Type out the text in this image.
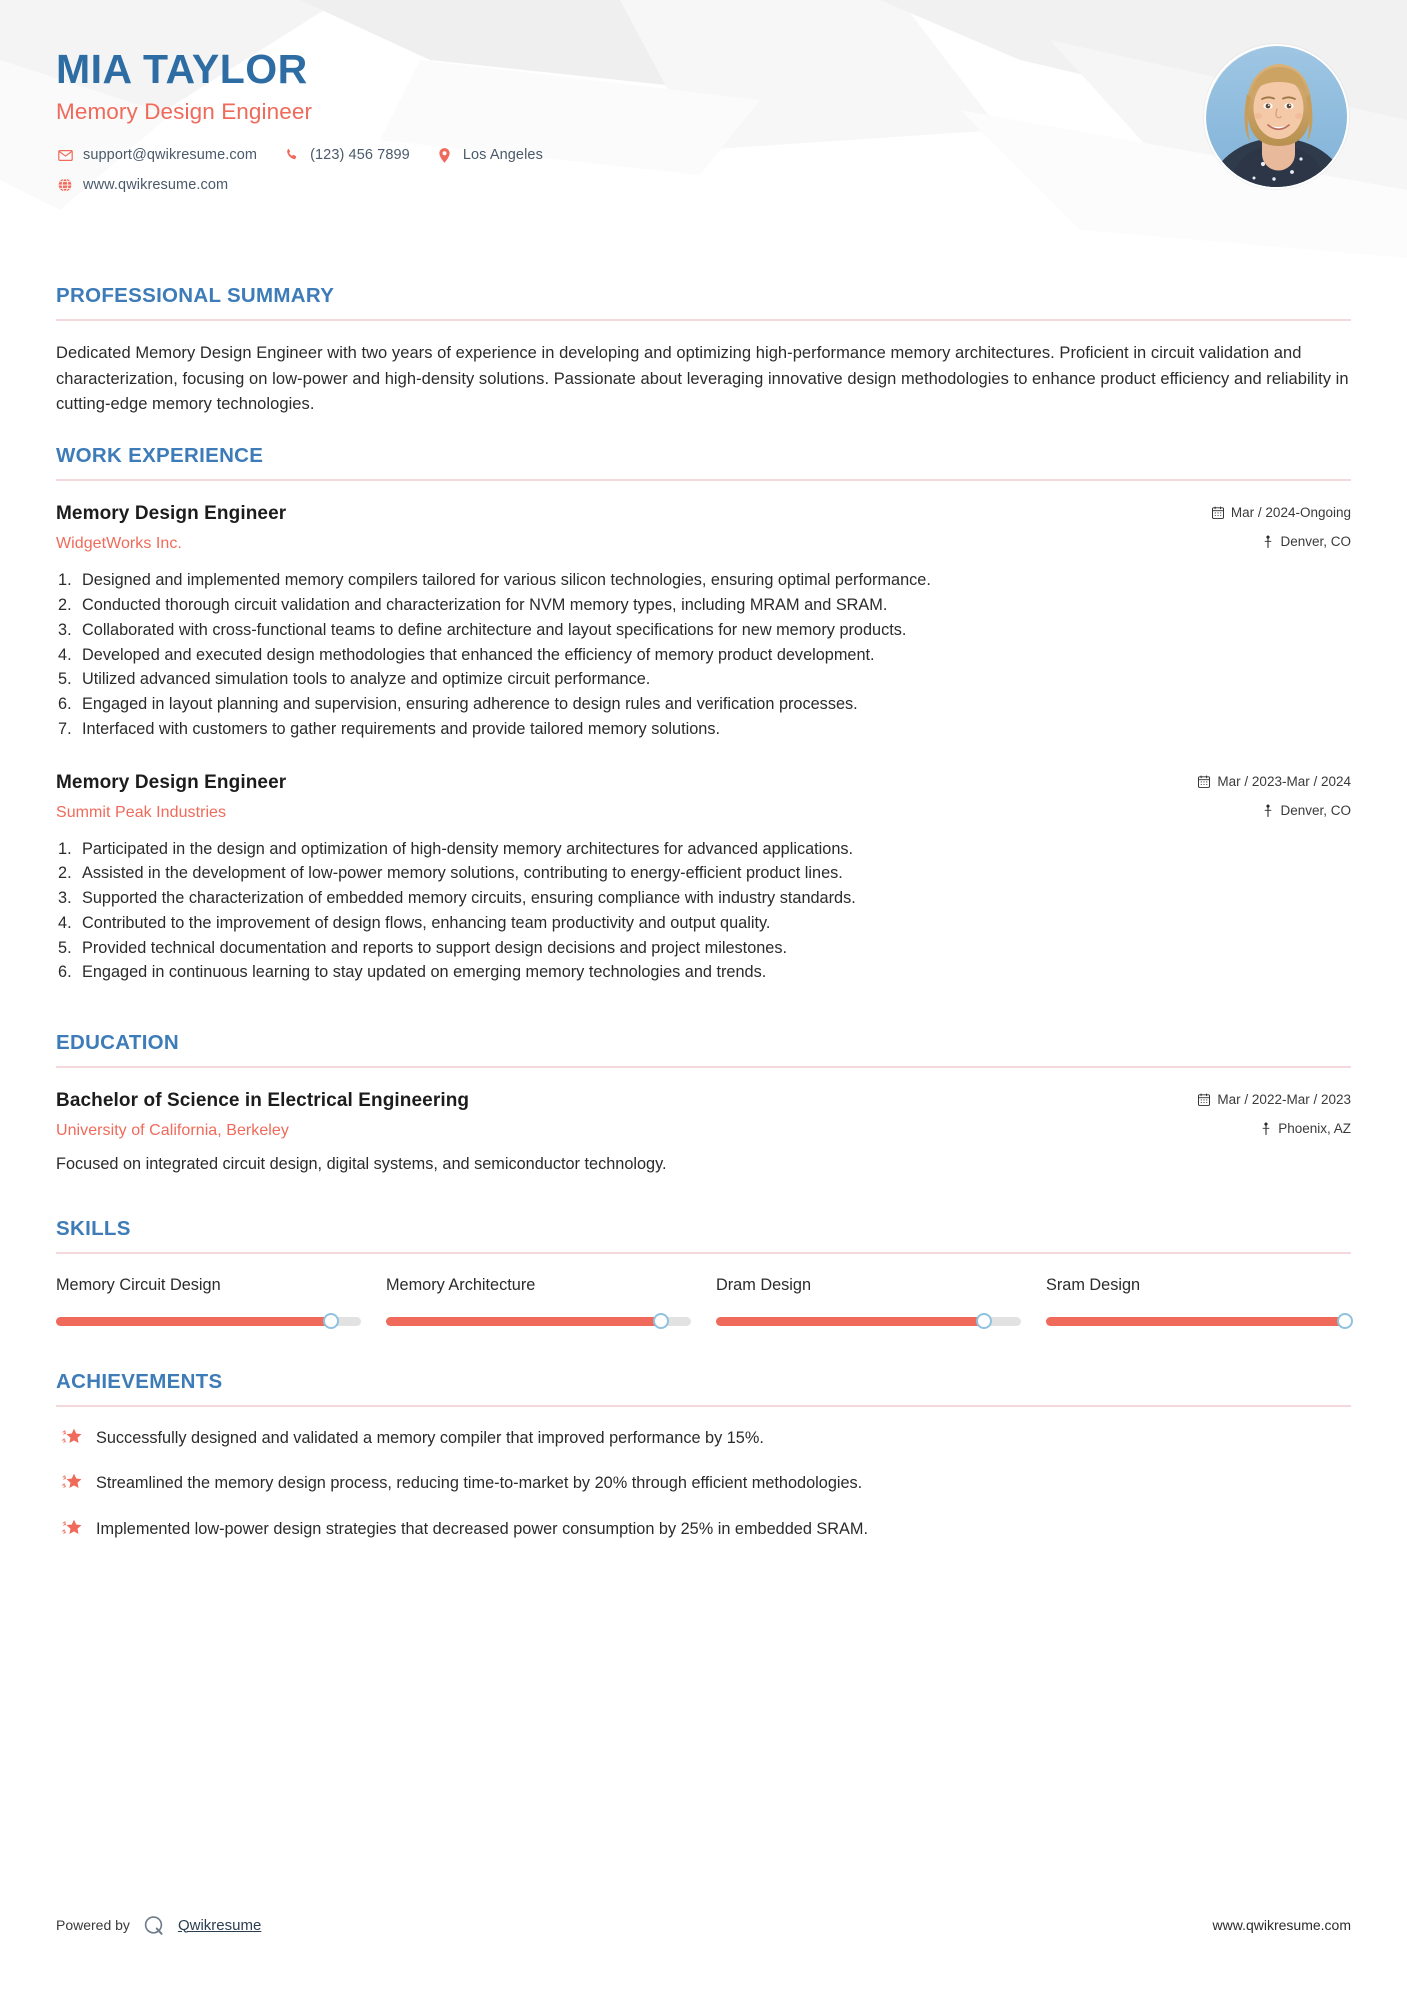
MIA TAYLOR
Memory Design Engineer
support@qwikresume.com	(123) 456 7899	Los Angeles
www.qwikresume.com
PROFESSIONAL SUMMARY

Dedicated Memory Design Engineer with two years of experience in developing and optimizing high-performance memory architectures. Proficient in circuit validation and characterization, focusing on low-power and high-density solutions. Passionate about leveraging innovative design methodologies to enhance product efficiency and reliability in cutting-edge memory technologies.

WORK EXPERIENCE
Memory Design Engineer	Mar / 2024-Ongoing
WidgetWorks Inc.	Denver, CO
Designed and implemented memory compilers tailored for various silicon technologies, ensuring optimal performance.
Conducted thorough circuit validation and characterization for NVM memory types, including MRAM and SRAM.
Collaborated with cross-functional teams to define architecture and layout specifications for new memory products.
Developed and executed design methodologies that enhanced the efficiency of memory product development.
Utilized advanced simulation tools to analyze and optimize circuit performance.
Engaged in layout planning and supervision, ensuring adherence to design rules and verification processes.
Interfaced with customers to gather requirements and provide tailored memory solutions.
Memory Design Engineer	Mar / 2023-Mar / 2024
Summit Peak Industries	Denver, CO
Participated in the design and optimization of high-density memory architectures for advanced applications.
Assisted in the development of low-power memory solutions, contributing to energy-efficient product lines.
Supported the characterization of embedded memory circuits, ensuring compliance with industry standards.
Contributed to the improvement of design flows, enhancing team productivity and output quality.
Provided technical documentation and reports to support design decisions and project milestones.
Engaged in continuous learning to stay updated on emerging memory technologies and trends.
EDUCATION
Bachelor of Science in Electrical Engineering	Mar / 2022-Mar / 2023
University of California, Berkeley	Phoenix, AZ
Focused on integrated circuit design, digital systems, and semiconductor technology.
SKILLS
Memory Circuit Design	Memory Architecture	Dram Design	Sram Design
ACHIEVEMENTS
Successfully designed and validated a memory compiler that improved performance by 15%.
Streamlined the memory design process, reducing time-to-market by 20% through efficient methodologies.
Implemented low-power design strategies that decreased power consumption by 25% in embedded SRAM.
Powered by	Qwikresume	www.qwikresume.com
